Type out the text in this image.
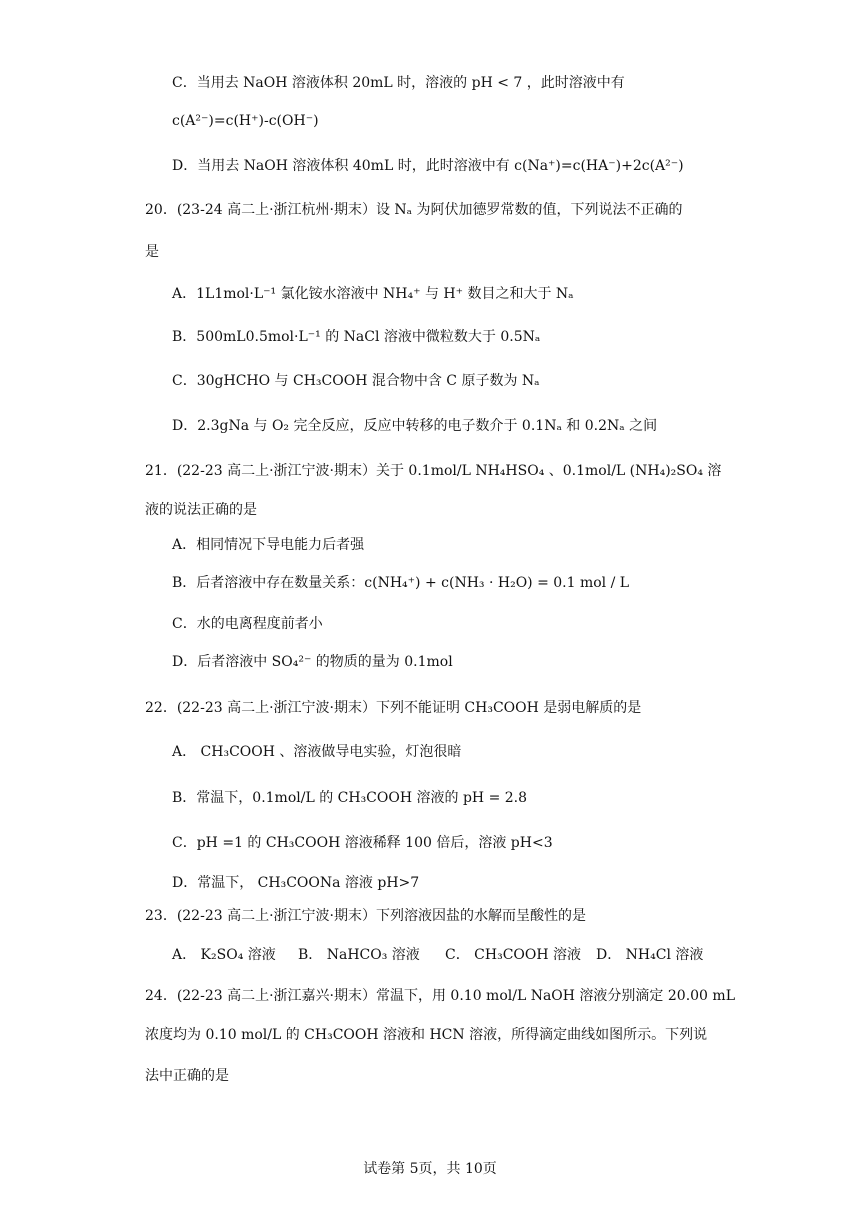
C．当用去 NaOH 溶液体积 20mL 时，溶液的 pH < 7 ，此时溶液中有
c(A²⁻)=c(H⁺)-c(OH⁻)
D．当用去 NaOH 溶液体积 40mL 时，此时溶液中有 c(Na⁺)=c(HA⁻)+2c(A²⁻)
20．(23-24 高二上·浙江杭州·期末）设 Nₐ 为阿伏加德罗常数的值，下列说法不正确的
是
A．1L1mol·L⁻¹ 氯化铵水溶液中 NH₄⁺ 与 H⁺ 数目之和大于 Nₐ
B．500mL0.5mol·L⁻¹ 的 NaCl 溶液中微粒数大于 0.5Nₐ
C．30gHCHO 与 CH₃COOH 混合物中含 C 原子数为 Nₐ
D．2.3gNa 与 O₂ 完全反应，反应中转移的电子数介于 0.1Nₐ 和 0.2Nₐ 之间
21．(22-23 高二上·浙江宁波·期末）关于 0.1mol/L NH₄HSO₄ 、0.1mol/L (NH₄)₂SO₄ 溶
液的说法正确的是
A．相同情况下导电能力后者强
B．后者溶液中存在数量关系：c(NH₄⁺) + c(NH₃ · H₂O) = 0.1 mol / L
C．水的电离程度前者小
D．后者溶液中 SO₄²⁻ 的物质的量为 0.1mol
22．(22-23 高二上·浙江宁波·期末）下列不能证明 CH₃COOH 是弱电解质的是
A． CH₃COOH 、溶液做导电实验，灯泡很暗
B．常温下，0.1mol/L 的 CH₃COOH 溶液的 pH = 2.8
C．pH =1 的 CH₃COOH 溶液稀释 100 倍后，溶液 pH<3
D．常温下， CH₃COONa 溶液 pH>7
23．(22-23 高二上·浙江宁波·期末）下列溶液因盐的水解而呈酸性的是
A． K₂SO₄ 溶液 B． NaHCO₃ 溶液 C． CH₃COOH 溶液 D． NH₄Cl 溶液
24．(22-23 高二上·浙江嘉兴·期末）常温下，用 0.10 mol/L NaOH 溶液分别滴定 20.00 mL
浓度均为 0.10 mol/L 的 CH₃COOH 溶液和 HCN 溶液，所得滴定曲线如图所示。下列说
法中正确的是
试卷第 5页，共 10页
